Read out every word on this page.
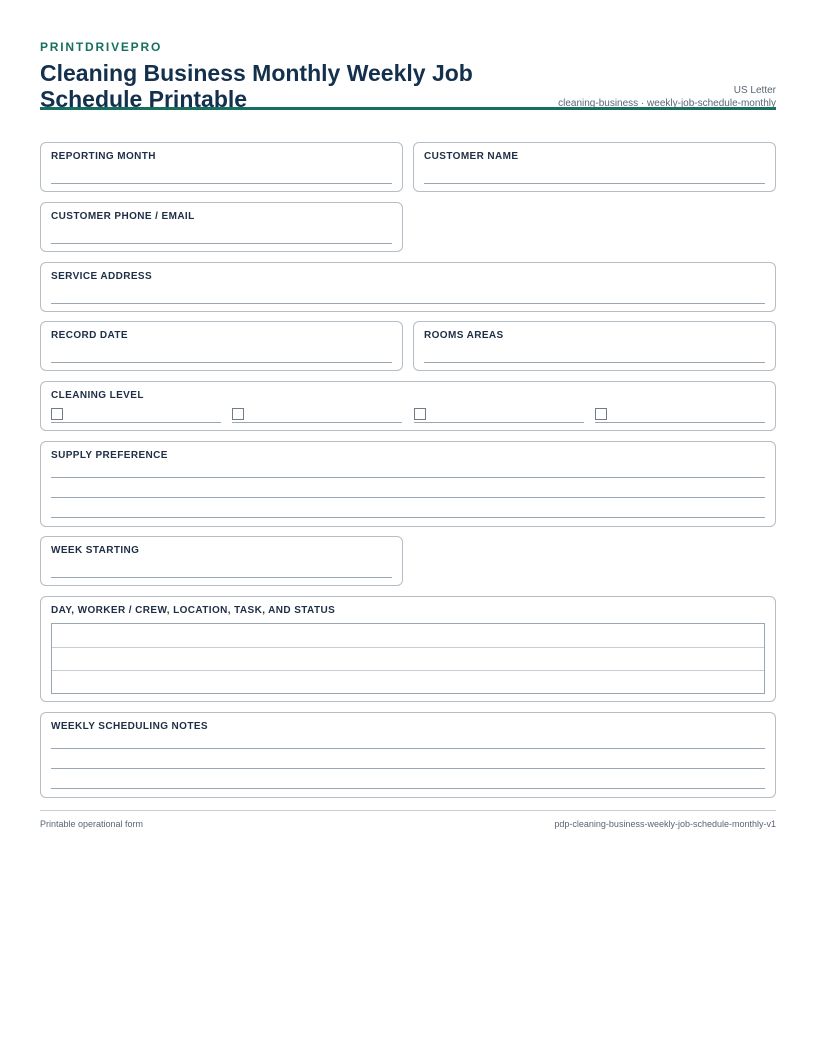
PRINTDRIVEPRO
Cleaning Business Monthly Weekly Job Schedule Printable	US Letter
cleaning-business · weekly-job-schedule-monthly
REPORTING MONTH	CUSTOMER NAME
CUSTOMER PHONE / EMAIL
SERVICE ADDRESS
RECORD DATE	ROOMS AREAS
CLEANING LEVEL
SUPPLY PREFERENCE
WEEK STARTING
DAY, WORKER / CREW, LOCATION, TASK, AND STATUS
WEEKLY SCHEDULING NOTES
Printable operational form	pdp-cleaning-business-weekly-job-schedule-monthly-v1
